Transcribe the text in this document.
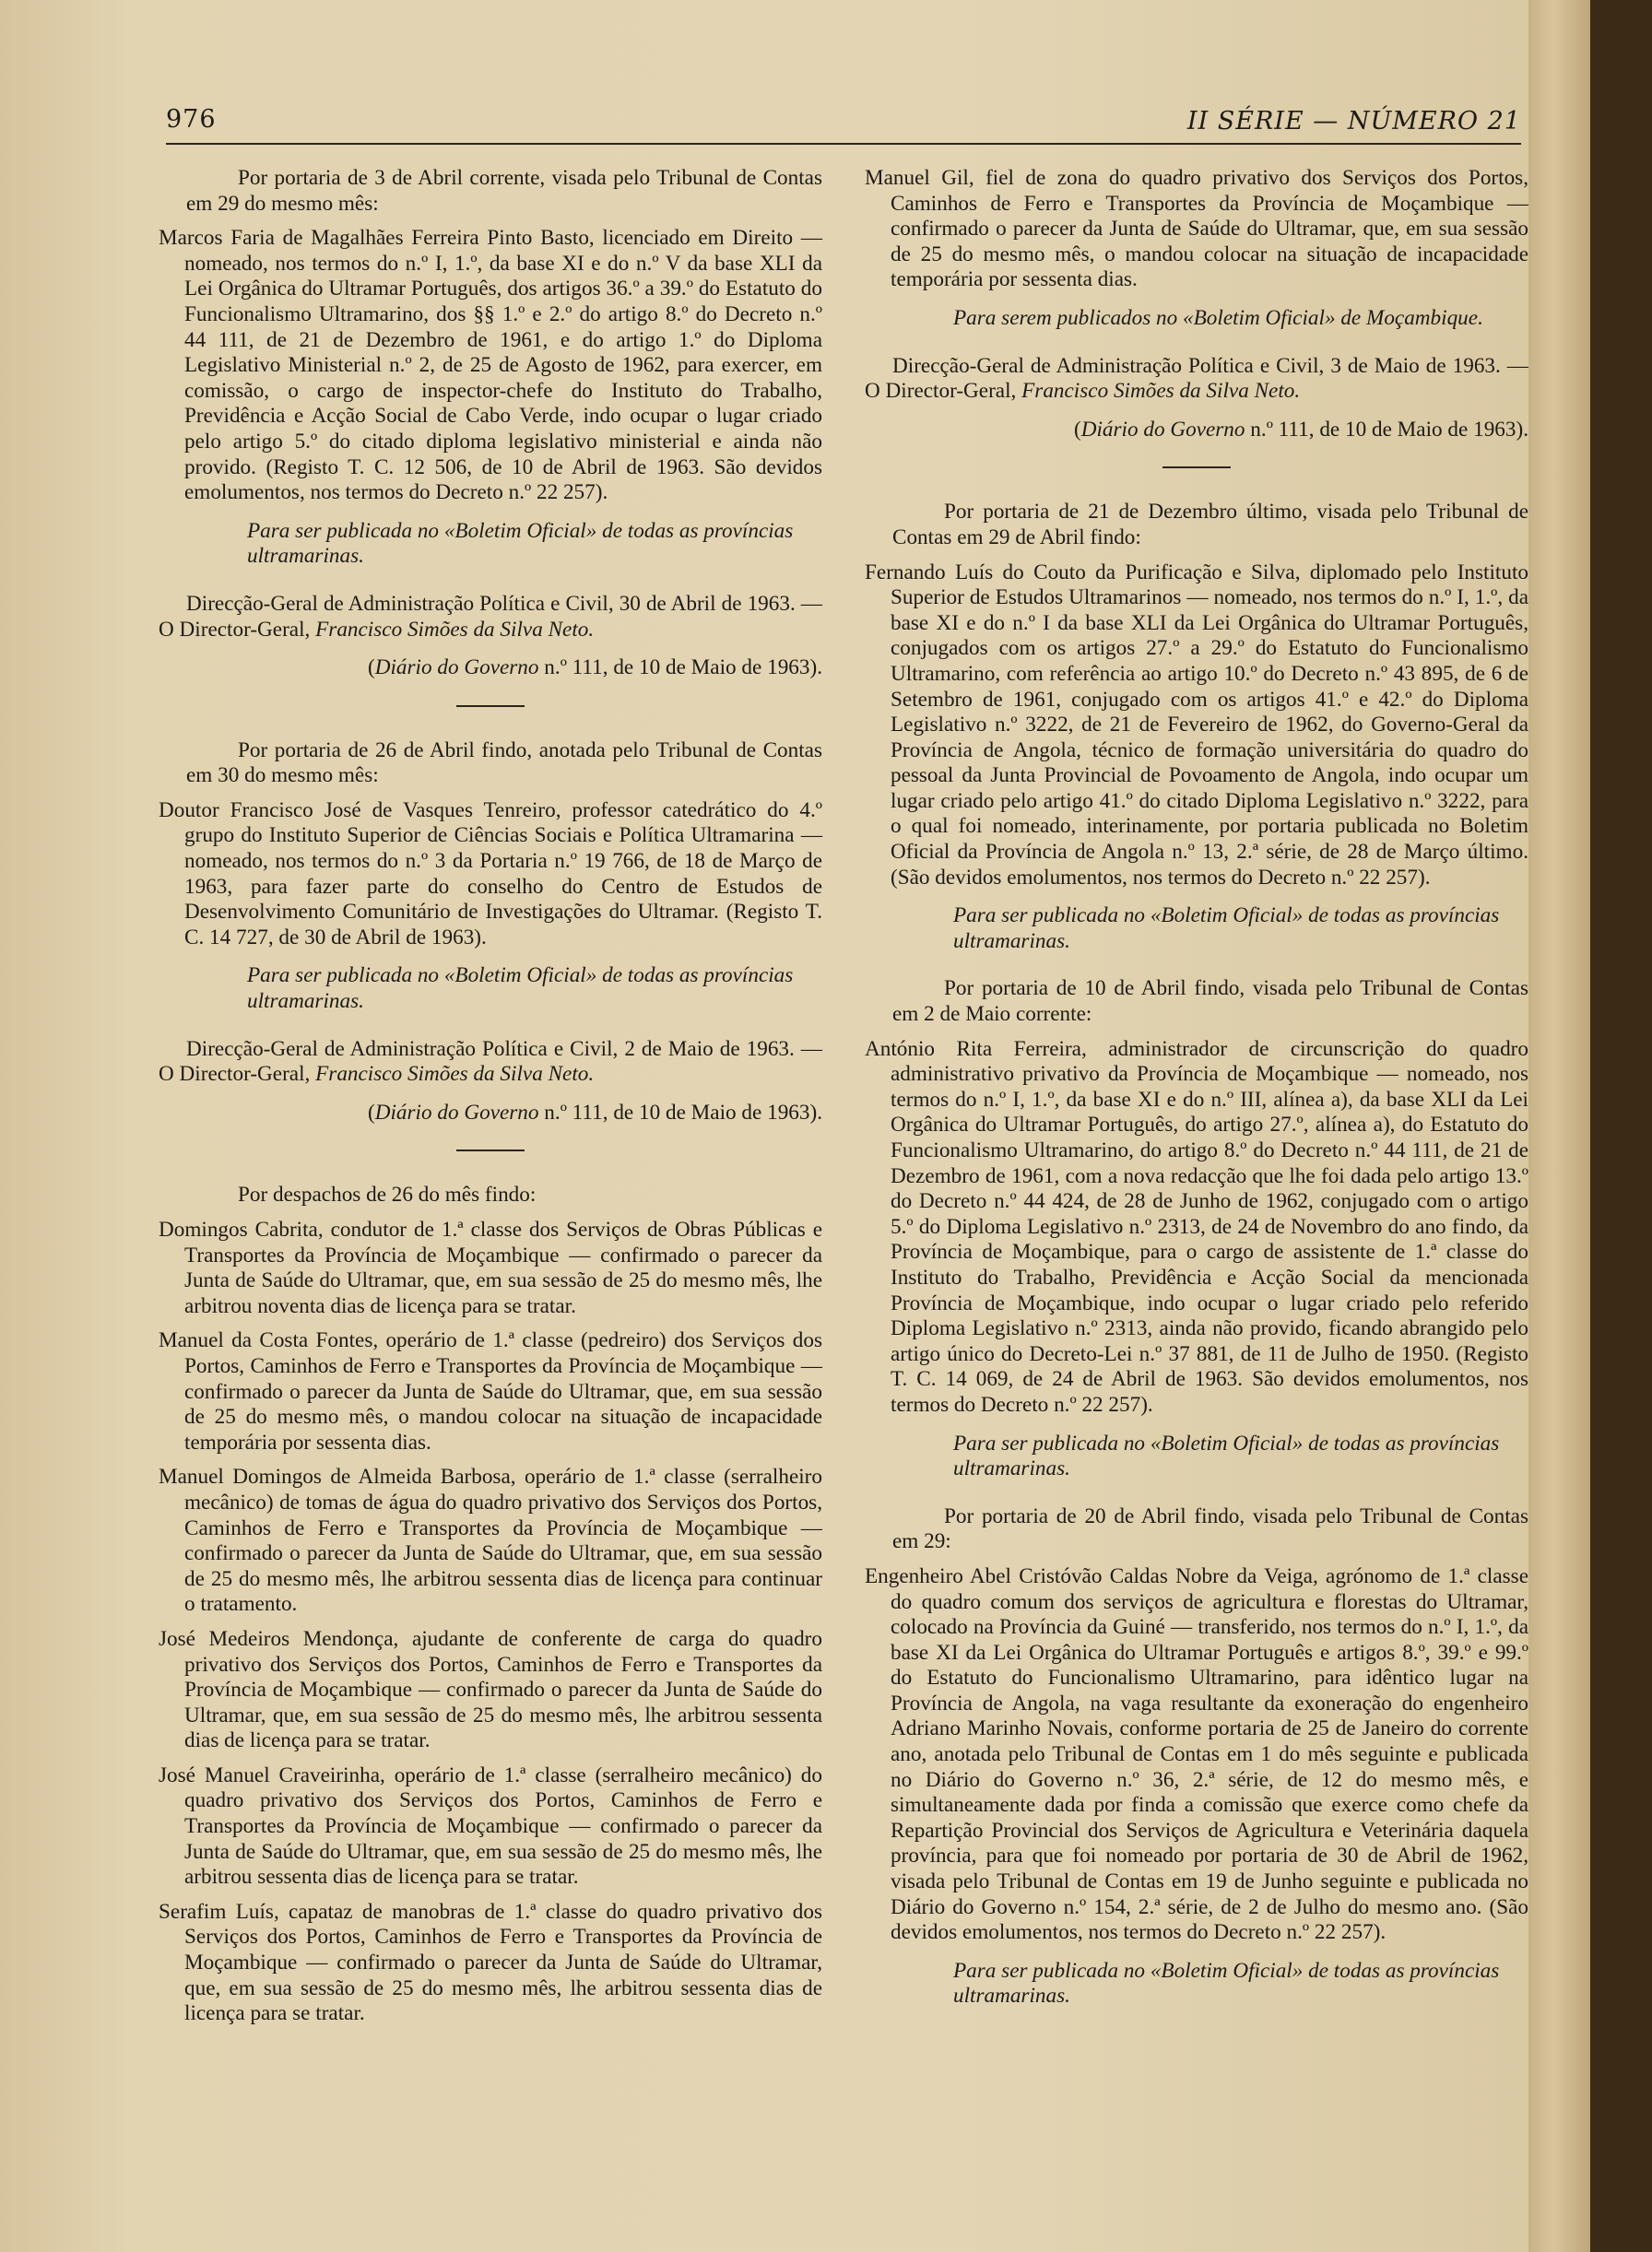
976	II SÉRIE — NÚMERO 21
Por portaria de 3 de Abril corrente, visada pelo Tribunal de Contas em 29 do mesmo mês:
Marcos Faria de Magalhães Ferreira Pinto Basto, licenciado em Direito — nomeado, nos termos do n.º I, 1.º, da base XI e do n.º V da base XLI da Lei Orgânica do Ultramar Português, dos artigos 36.º a 39.º do Estatuto do Funcionalismo Ultramarino, dos §§ 1.º e 2.º do artigo 8.º do Decreto n.º 44 111, de 21 de Dezembro de 1961, e do artigo 1.º do Diploma Legislativo Ministerial n.º 2, de 25 de Agosto de 1962, para exercer, em comissão, o cargo de inspector-chefe do Instituto do Trabalho, Previdência e Acção Social de Cabo Verde, indo ocupar o lugar criado pelo artigo 5.º do citado diploma legislativo ministerial e ainda não provido. (Registo T. C. 12 506, de 10 de Abril de 1963. São devidos emolumentos, nos termos do Decreto n.º 22 257).
Para ser publicada no «Boletim Oficial» de todas as províncias ultramarinas.
Direcção-Geral de Administração Política e Civil, 30 de Abril de 1963. — O Director-Geral, Francisco Simões da Silva Neto.
(Diário do Governo n.º 111, de 10 de Maio de 1963).
Por portaria de 26 de Abril findo, anotada pelo Tribunal de Contas em 30 do mesmo mês:
Doutor Francisco José de Vasques Tenreiro, professor catedrático do 4.º grupo do Instituto Superior de Ciências Sociais e Política Ultramarina — nomeado, nos termos do n.º 3 da Portaria n.º 19 766, de 18 de Março de 1963, para fazer parte do conselho do Centro de Estudos de Desenvolvimento Comunitário de Investigações do Ultramar. (Registo T. C. 14 727, de 30 de Abril de 1963).
Para ser publicada no «Boletim Oficial» de todas as províncias ultramarinas.
Direcção-Geral de Administração Política e Civil, 2 de Maio de 1963. — O Director-Geral, Francisco Simões da Silva Neto.
(Diário do Governo n.º 111, de 10 de Maio de 1963).
Por despachos de 26 do mês findo:
Domingos Cabrita, condutor de 1.ª classe dos Serviços de Obras Públicas e Transportes da Província de Moçambique — confirmado o parecer da Junta de Saúde do Ultramar, que, em sua sessão de 25 do mesmo mês, lhe arbitrou noventa dias de licença para se tratar.
Manuel da Costa Fontes, operário de 1.ª classe (pedreiro) dos Serviços dos Portos, Caminhos de Ferro e Transportes da Província de Moçambique — confirmado o parecer da Junta de Saúde do Ultramar, que, em sua sessão de 25 do mesmo mês, o mandou colocar na situação de incapacidade temporária por sessenta dias.
Manuel Domingos de Almeida Barbosa, operário de 1.ª classe (serralheiro mecânico) de tomas de água do quadro privativo dos Serviços dos Portos, Caminhos de Ferro e Transportes da Província de Moçambique — confirmado o parecer da Junta de Saúde do Ultramar, que, em sua sessão de 25 do mesmo mês, lhe arbitrou sessenta dias de licença para continuar o tratamento.
José Medeiros Mendonça, ajudante de conferente de carga do quadro privativo dos Serviços dos Portos, Caminhos de Ferro e Transportes da Província de Moçambique — confirmado o parecer da Junta de Saúde do Ultramar, que, em sua sessão de 25 do mesmo mês, lhe arbitrou sessenta dias de licença para se tratar.
José Manuel Craveirinha, operário de 1.ª classe (serralheiro mecânico) do quadro privativo dos Serviços dos Portos, Caminhos de Ferro e Transportes da Província de Moçambique — confirmado o parecer da Junta de Saúde do Ultramar, que, em sua sessão de 25 do mesmo mês, lhe arbitrou sessenta dias de licença para se tratar.
Serafim Luís, capataz de manobras de 1.ª classe do quadro privativo dos Serviços dos Portos, Caminhos de Ferro e Transportes da Província de Moçambique — confirmado o parecer da Junta de Saúde do Ultramar, que, em sua sessão de 25 do mesmo mês, lhe arbitrou sessenta dias de licença para se tratar.
Manuel Gil, fiel de zona do quadro privativo dos Serviços dos Portos, Caminhos de Ferro e Transportes da Província de Moçambique — confirmado o parecer da Junta de Saúde do Ultramar, que, em sua sessão de 25 do mesmo mês, o mandou colocar na situação de incapacidade temporária por sessenta dias.
Para serem publicados no «Boletim Oficial» de Moçambique.
Direcção-Geral de Administração Política e Civil, 3 de Maio de 1963. — O Director-Geral, Francisco Simões da Silva Neto.
(Diário do Governo n.º 111, de 10 de Maio de 1963).
Por portaria de 21 de Dezembro último, visada pelo Tribunal de Contas em 29 de Abril findo:
Fernando Luís do Couto da Purificação e Silva, diplomado pelo Instituto Superior de Estudos Ultramarinos — nomeado, nos termos do n.º I, 1.º, da base XI e do n.º I da base XLI da Lei Orgânica do Ultramar Português, conjugados com os artigos 27.º a 29.º do Estatuto do Funcionalismo Ultramarino, com referência ao artigo 10.º do Decreto n.º 43 895, de 6 de Setembro de 1961, conjugado com os artigos 41.º e 42.º do Diploma Legislativo n.º 3222, de 21 de Fevereiro de 1962, do Governo-Geral da Província de Angola, técnico de formação universitária do quadro do pessoal da Junta Provincial de Povoamento de Angola, indo ocupar um lugar criado pelo artigo 41.º do citado Diploma Legislativo n.º 3222, para o qual foi nomeado, interinamente, por portaria publicada no Boletim Oficial da Província de Angola n.º 13, 2.ª série, de 28 de Março último. (São devidos emolumentos, nos termos do Decreto n.º 22 257).
Para ser publicada no «Boletim Oficial» de todas as províncias ultramarinas.
Por portaria de 10 de Abril findo, visada pelo Tribunal de Contas em 2 de Maio corrente:
António Rita Ferreira, administrador de circunscrição do quadro administrativo privativo da Província de Moçambique — nomeado, nos termos do n.º I, 1.º, da base XI e do n.º III, alínea a), da base XLI da Lei Orgânica do Ultramar Português, do artigo 27.º, alínea a), do Estatuto do Funcionalismo Ultramarino, do artigo 8.º do Decreto n.º 44 111, de 21 de Dezembro de 1961, com a nova redacção que lhe foi dada pelo artigo 13.º do Decreto n.º 44 424, de 28 de Junho de 1962, conjugado com o artigo 5.º do Diploma Legislativo n.º 2313, de 24 de Novembro do ano findo, da Província de Moçambique, para o cargo de assistente de 1.ª classe do Instituto do Trabalho, Previdência e Acção Social da mencionada Província de Moçambique, indo ocupar o lugar criado pelo referido Diploma Legislativo n.º 2313, ainda não provido, ficando abrangido pelo artigo único do Decreto-Lei n.º 37 881, de 11 de Julho de 1950. (Registo T. C. 14 069, de 24 de Abril de 1963. São devidos emolumentos, nos termos do Decreto n.º 22 257).
Para ser publicada no «Boletim Oficial» de todas as províncias ultramarinas.
Por portaria de 20 de Abril findo, visada pelo Tribunal de Contas em 29:
Engenheiro Abel Cristóvão Caldas Nobre da Veiga, agrónomo de 1.ª classe do quadro comum dos serviços de agricultura e florestas do Ultramar, colocado na Província da Guiné — transferido, nos termos do n.º I, 1.º, da base XI da Lei Orgânica do Ultramar Português e artigos 8.º, 39.º e 99.º do Estatuto do Funcionalismo Ultramarino, para idêntico lugar na Província de Angola, na vaga resultante da exoneração do engenheiro Adriano Marinho Novais, conforme portaria de 25 de Janeiro do corrente ano, anotada pelo Tribunal de Contas em 1 do mês seguinte e publicada no Diário do Governo n.º 36, 2.ª série, de 12 do mesmo mês, e simultaneamente dada por finda a comissão que exerce como chefe da Repartição Provincial dos Serviços de Agricultura e Veterinária daquela província, para que foi nomeado por portaria de 30 de Abril de 1962, visada pelo Tribunal de Contas em 19 de Junho seguinte e publicada no Diário do Governo n.º 154, 2.ª série, de 2 de Julho do mesmo ano. (São devidos emolumentos, nos termos do Decreto n.º 22 257).
Para ser publicada no «Boletim Oficial» de todas as províncias ultramarinas.
